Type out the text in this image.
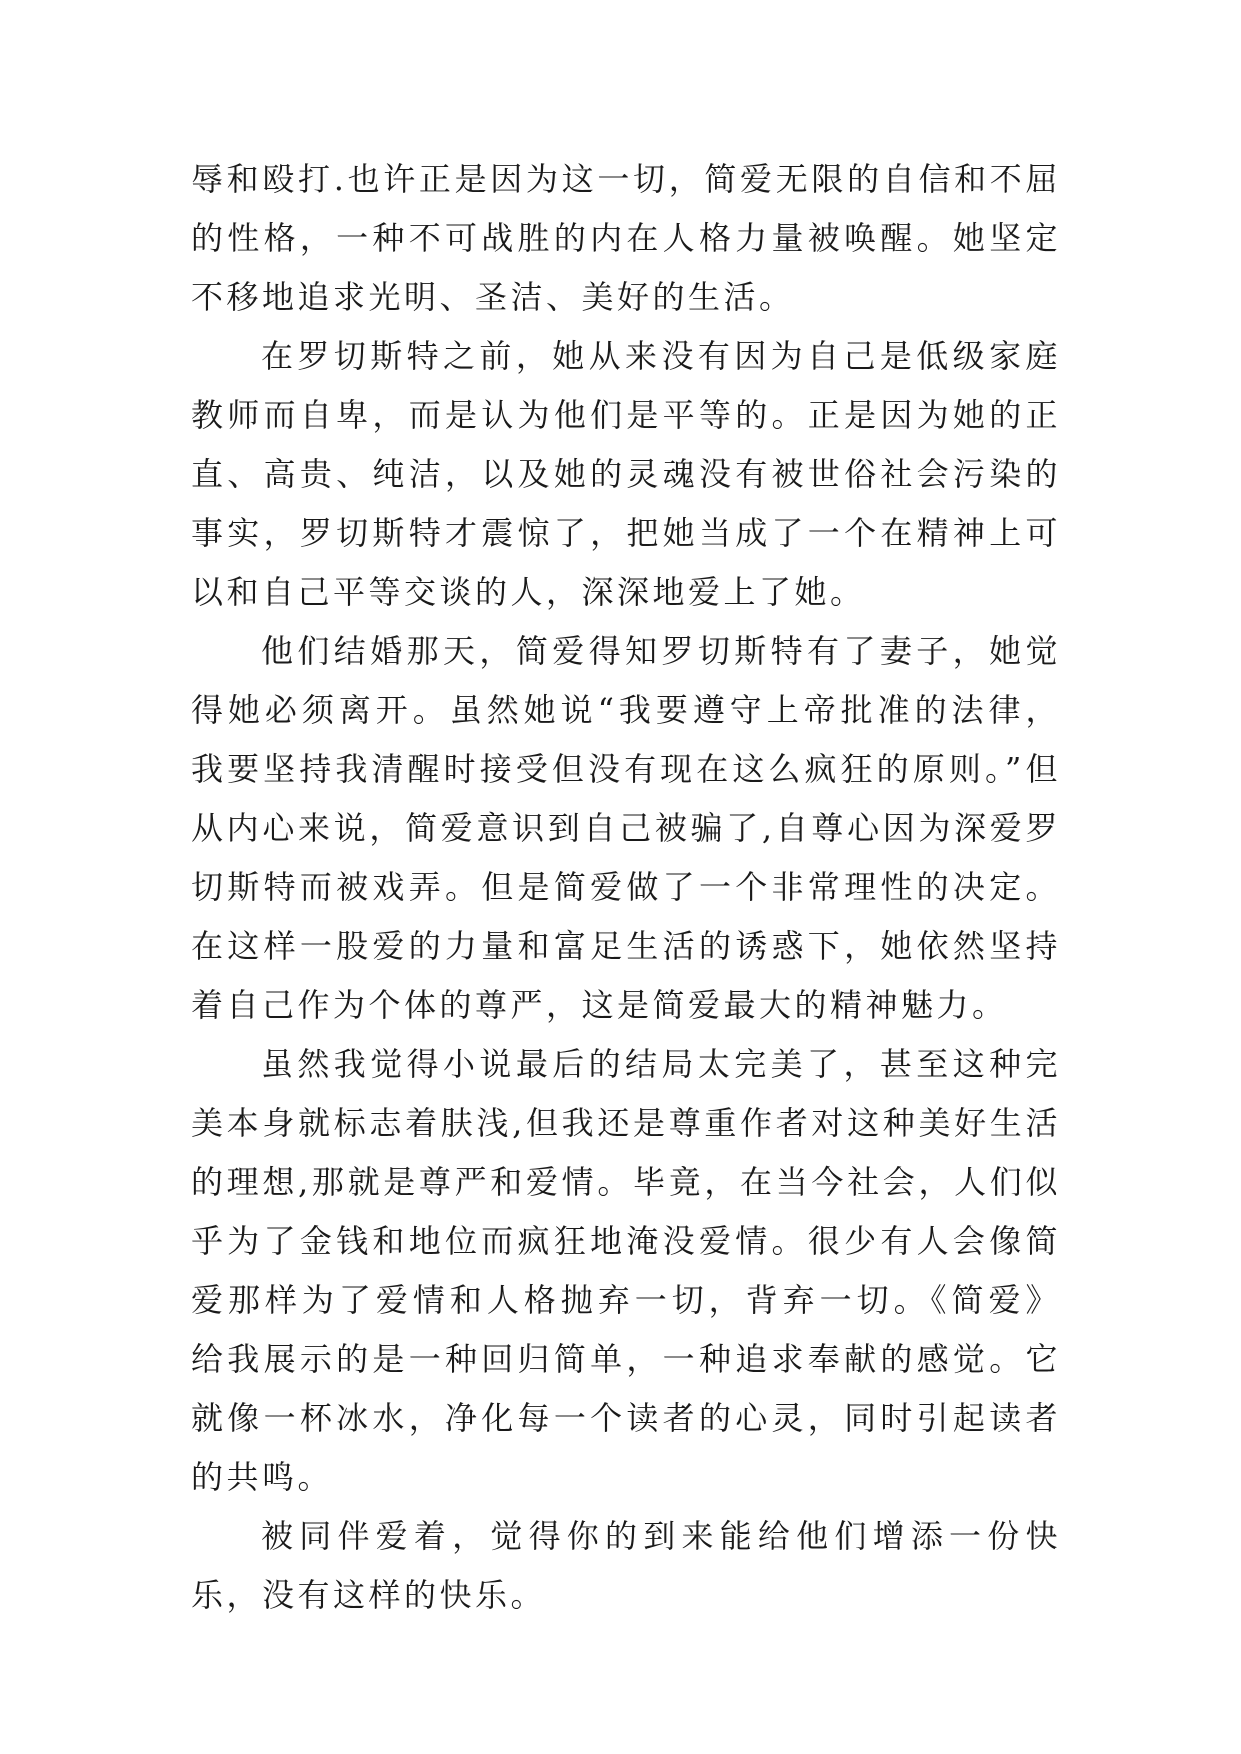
辱和殴打.也许正是因为这一切，简爱无限的自信和不屈的性格，一种不可战胜的内在人格力量被唤醒。她坚定不移地追求光明、圣洁、美好的生活。

在罗切斯特之前，她从来没有因为自己是低级家庭教师而自卑，而是认为他们是平等的。正是因为她的正直、高贵、纯洁，以及她的灵魂没有被世俗社会污染的事实，罗切斯特才震惊了，把她当成了一个在精神上可以和自己平等交谈的人，深深地爱上了她。

他们结婚那天，简爱得知罗切斯特有了妻子，她觉得她必须离开。虽然她说“我要遵守上帝批准的法律，我要坚持我清醒时接受但没有现在这么疯狂的原则。”但从内心来说，简爱意识到自己被骗了,自尊心因为深爱罗切斯特而被戏弄。但是简爱做了一个非常理性的决定。在这样一股爱的力量和富足生活的诱惑下，她依然坚持着自己作为个体的尊严，这是简爱最大的精神魅力。

虽然我觉得小说最后的结局太完美了，甚至这种完美本身就标志着肤浅,但我还是尊重作者对这种美好生活的理想,那就是尊严和爱情。毕竟，在当今社会，人们似乎为了金钱和地位而疯狂地淹没爱情。很少有人会像简爱那样为了爱情和人格抛弃一切，背弃一切。《简爱》给我展示的是一种回归简单，一种追求奉献的感觉。它就像一杯冰水，净化每一个读者的心灵，同时引起读者的共鸣。

被同伴爱着，觉得你的到来能给他们增添一份快乐，没有这样的快乐。
